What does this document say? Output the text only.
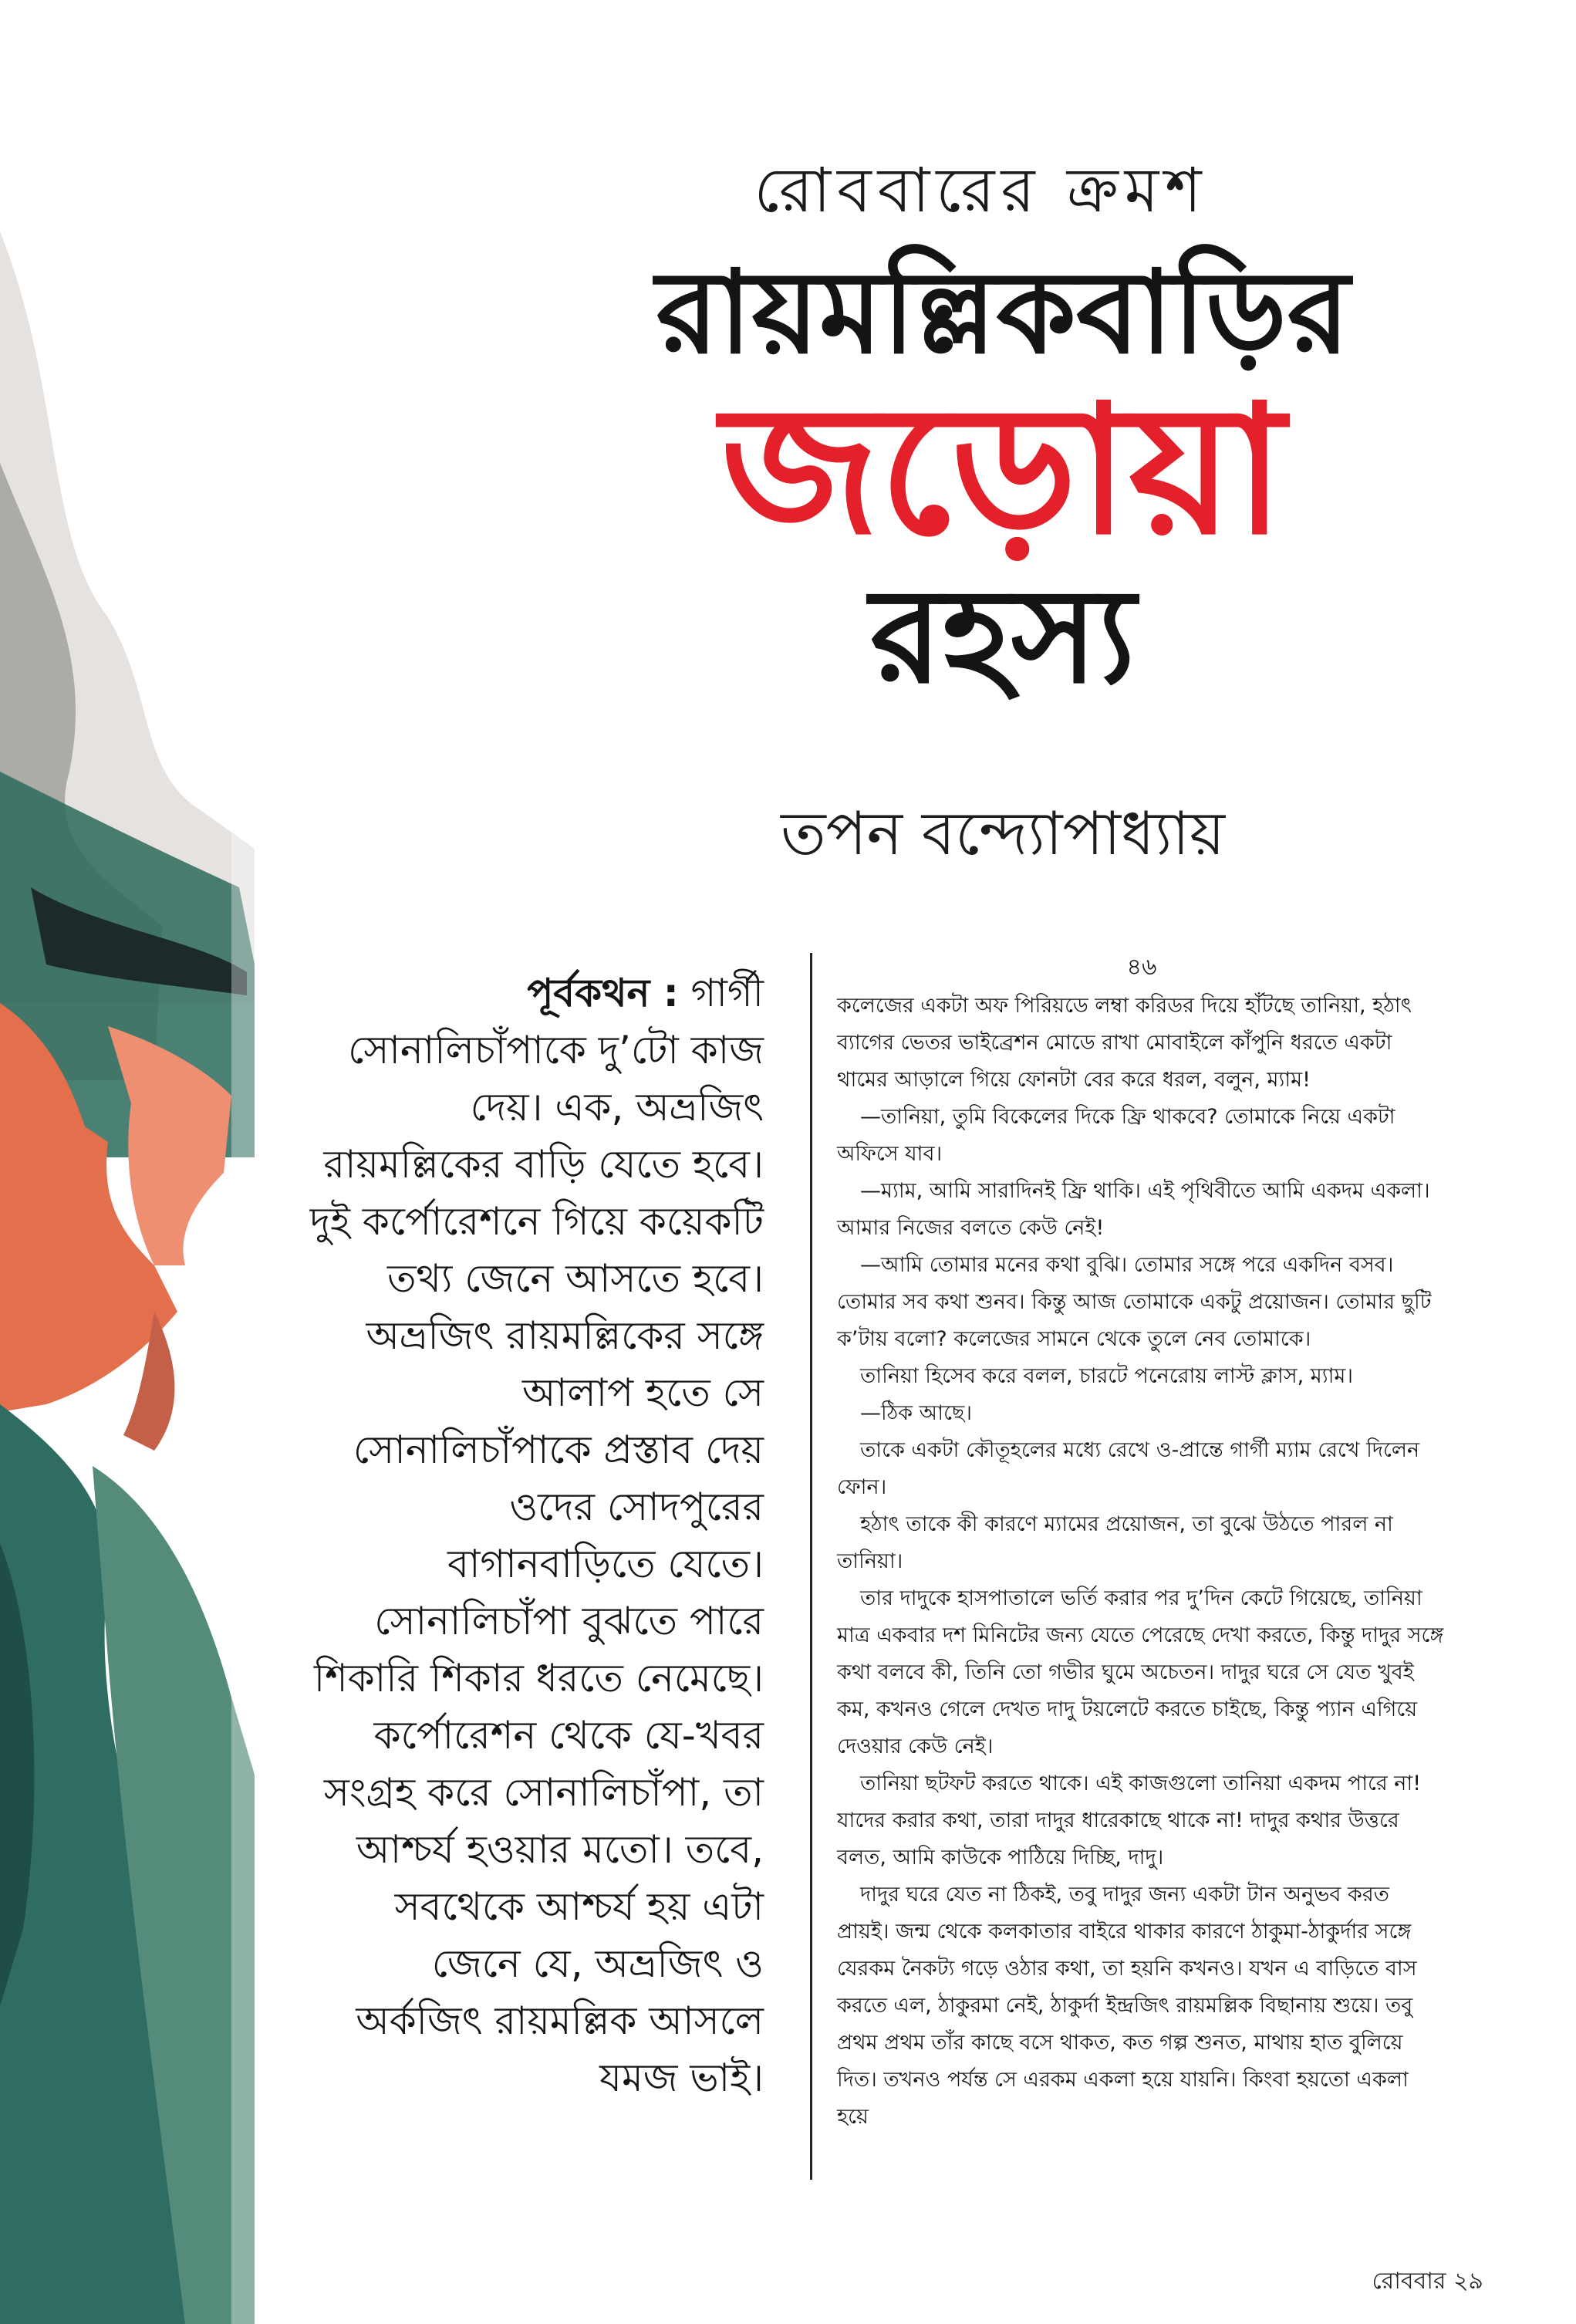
রোববারের ক্রমশ
রায়মল্লিকবাড়ির
জড়োয়া
রহস্য
তপন বন্দ্যোপাধ্যায়
পূর্বকথন : গার্গী সোনালিচাঁপাকে দু’টো কাজ দেয়। এক, অভ্রজিৎ রায়মল্লিকের বাড়ি যেতে হবে। দুই কর্পোরেশনে গিয়ে কয়েকটি তথ্য জেনে আসতে হবে। অভ্রজিৎ রায়মল্লিকের সঙ্গে আলাপ হতে সে সোনালিচাঁপাকে প্রস্তাব দেয় ওদের সোদপুরের বাগানবাড়িতে যেতে। সোনালিচাঁপা বুঝতে পারে শিকারি শিকার ধরতে নেমেছে। কর্পোরেশন থেকে যে-খবর সংগ্রহ করে সোনালিচাঁপা, তা আশ্চর্য হওয়ার মতো। তবে, সবথেকে আশ্চর্য হয় এটা জেনে যে, অভ্রজিৎ ও অর্কজিৎ রায়মল্লিক আসলে যমজ ভাই।
৪৬

কলেজের একটা অফ পিরিয়ডে লম্বা করিডর দিয়ে হাঁটছে তানিয়া, হঠাৎ ব্যাগের ভেতর ভাইব্রেশন মোডে রাখা মোবাইলে কাঁপুনি ধরতে একটা থামের আড়ালে গিয়ে ফোনটা বের করে ধরল, বলুন, ম্যাম!

—তানিয়া, তুমি বিকেলের দিকে ফ্রি থাকবে? তোমাকে নিয়ে একটা অফিসে যাব।

—ম্যাম, আমি সারাদিনই ফ্রি থাকি। এই পৃথিবীতে আমি একদম একলা। আমার নিজের বলতে কেউ নেই!

—আমি তোমার মনের কথা বুঝি। তোমার সঙ্গে পরে একদিন বসব। তোমার সব কথা শুনব। কিন্তু আজ তোমাকে একটু প্রয়োজন। তোমার ছুটি ক’টায় বলো? কলেজের সামনে থেকে তুলে নেব তোমাকে।

তানিয়া হিসেব করে বলল, চারটে পনেরোয় লাস্ট ক্লাস, ম্যাম।

—ঠিক আছে।

তাকে একটা কৌতূহলের মধ্যে রেখে ও-প্রান্তে গার্গী ম্যাম রেখে দিলেন ফোন।

হঠাৎ তাকে কী কারণে ম্যামের প্রয়োজন, তা বুঝে উঠতে পারল না তানিয়া।

তার দাদুকে হাসপাতালে ভর্তি করার পর দু’দিন কেটে গিয়েছে, তানিয়া মাত্র একবার দশ মিনিটের জন্য যেতে পেরেছে দেখা করতে, কিন্তু দাদুর সঙ্গে কথা বলবে কী, তিনি তো গভীর ঘুমে অচেতন। দাদুর ঘরে সে যেত খুবই কম, কখনও গেলে দেখত দাদু টয়লেটে করতে চাইছে, কিন্তু প্যান এগিয়ে দেওয়ার কেউ নেই।

তানিয়া ছটফট করতে থাকে। এই কাজগুলো তানিয়া একদম পারে না! যাদের করার কথা, তারা দাদুর ধারেকাছে থাকে না! দাদুর কথার উত্তরে বলত, আমি কাউকে পাঠিয়ে দিচ্ছি, দাদু।

দাদুর ঘরে যেত না ঠিকই, তবু দাদুর জন্য একটা টান অনুভব করত প্রায়ই। জন্ম থেকে কলকাতার বাইরে থাকার কারণে ঠাকুমা-ঠাকুর্দার সঙ্গে যেরকম নৈকট্য গড়ে ওঠার কথা, তা হয়নি কখনও। যখন এ বাড়িতে বাস করতে এল, ঠাকুরমা নেই, ঠাকুর্দা ইন্দ্রজিৎ রায়মল্লিক বিছানায় শুয়ে। তবু প্রথম প্রথম তাঁর কাছে বসে থাকত, কত গল্প শুনত, মাথায় হাত বুলিয়ে দিত। তখনও পর্যন্ত সে এরকম একলা হয়ে যায়নি। কিংবা হয়তো একলা হয়ে

রোববার ২৯
